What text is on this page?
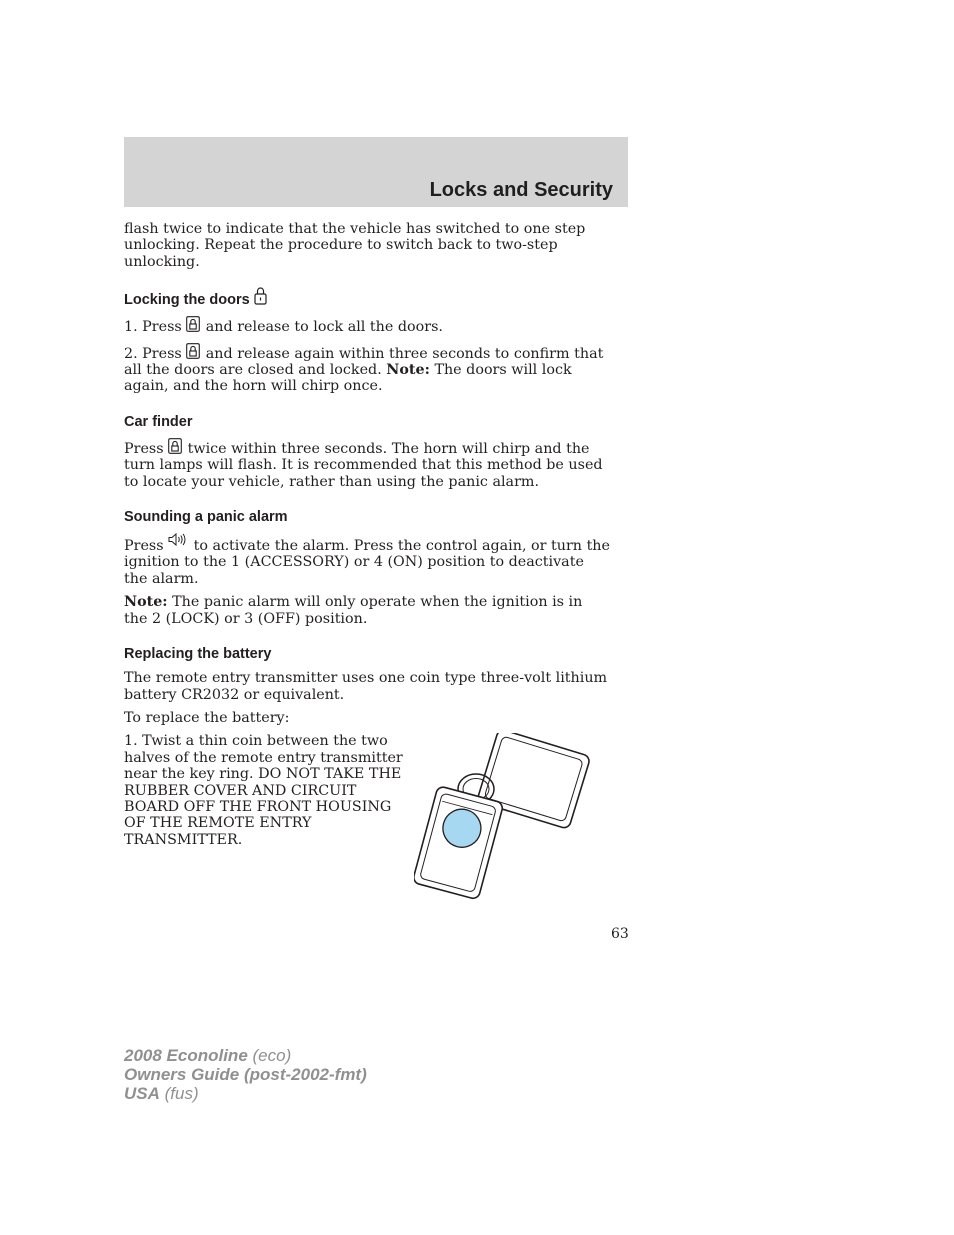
Locks and Security

flash twice to indicate that the vehicle has switched to one step unlocking. Repeat the procedure to switch back to two-step unlocking.

Locking the doors

1. Press and release to lock all the doors.

2. Press and release again within three seconds to confirm that all the doors are closed and locked. Note: The doors will lock again, and the horn will chirp once.

Car finder

Press twice within three seconds. The horn will chirp and the turn lamps will flash. It is recommended that this method be used to locate your vehicle, rather than using the panic alarm.

Sounding a panic alarm

Press to activate the alarm. Press the control again, or turn the ignition to the 1 (ACCESSORY) or 4 (ON) position to deactivate the alarm.

Note: The panic alarm will only operate when the ignition is in the 2 (LOCK) or 3 (OFF) position.

Replacing the battery

The remote entry transmitter uses one coin type three-volt lithium battery CR2032 or equivalent.

To replace the battery:

1. Twist a thin coin between the two halves of the remote entry transmitter near the key ring. DO NOT TAKE THE RUBBER COVER AND CIRCUIT BOARD OFF THE FRONT HOUSING OF THE REMOTE ENTRY TRANSMITTER.

63
2008 Econoline (eco)
Owners Guide (post-2002-fmt)
USA (fus)
